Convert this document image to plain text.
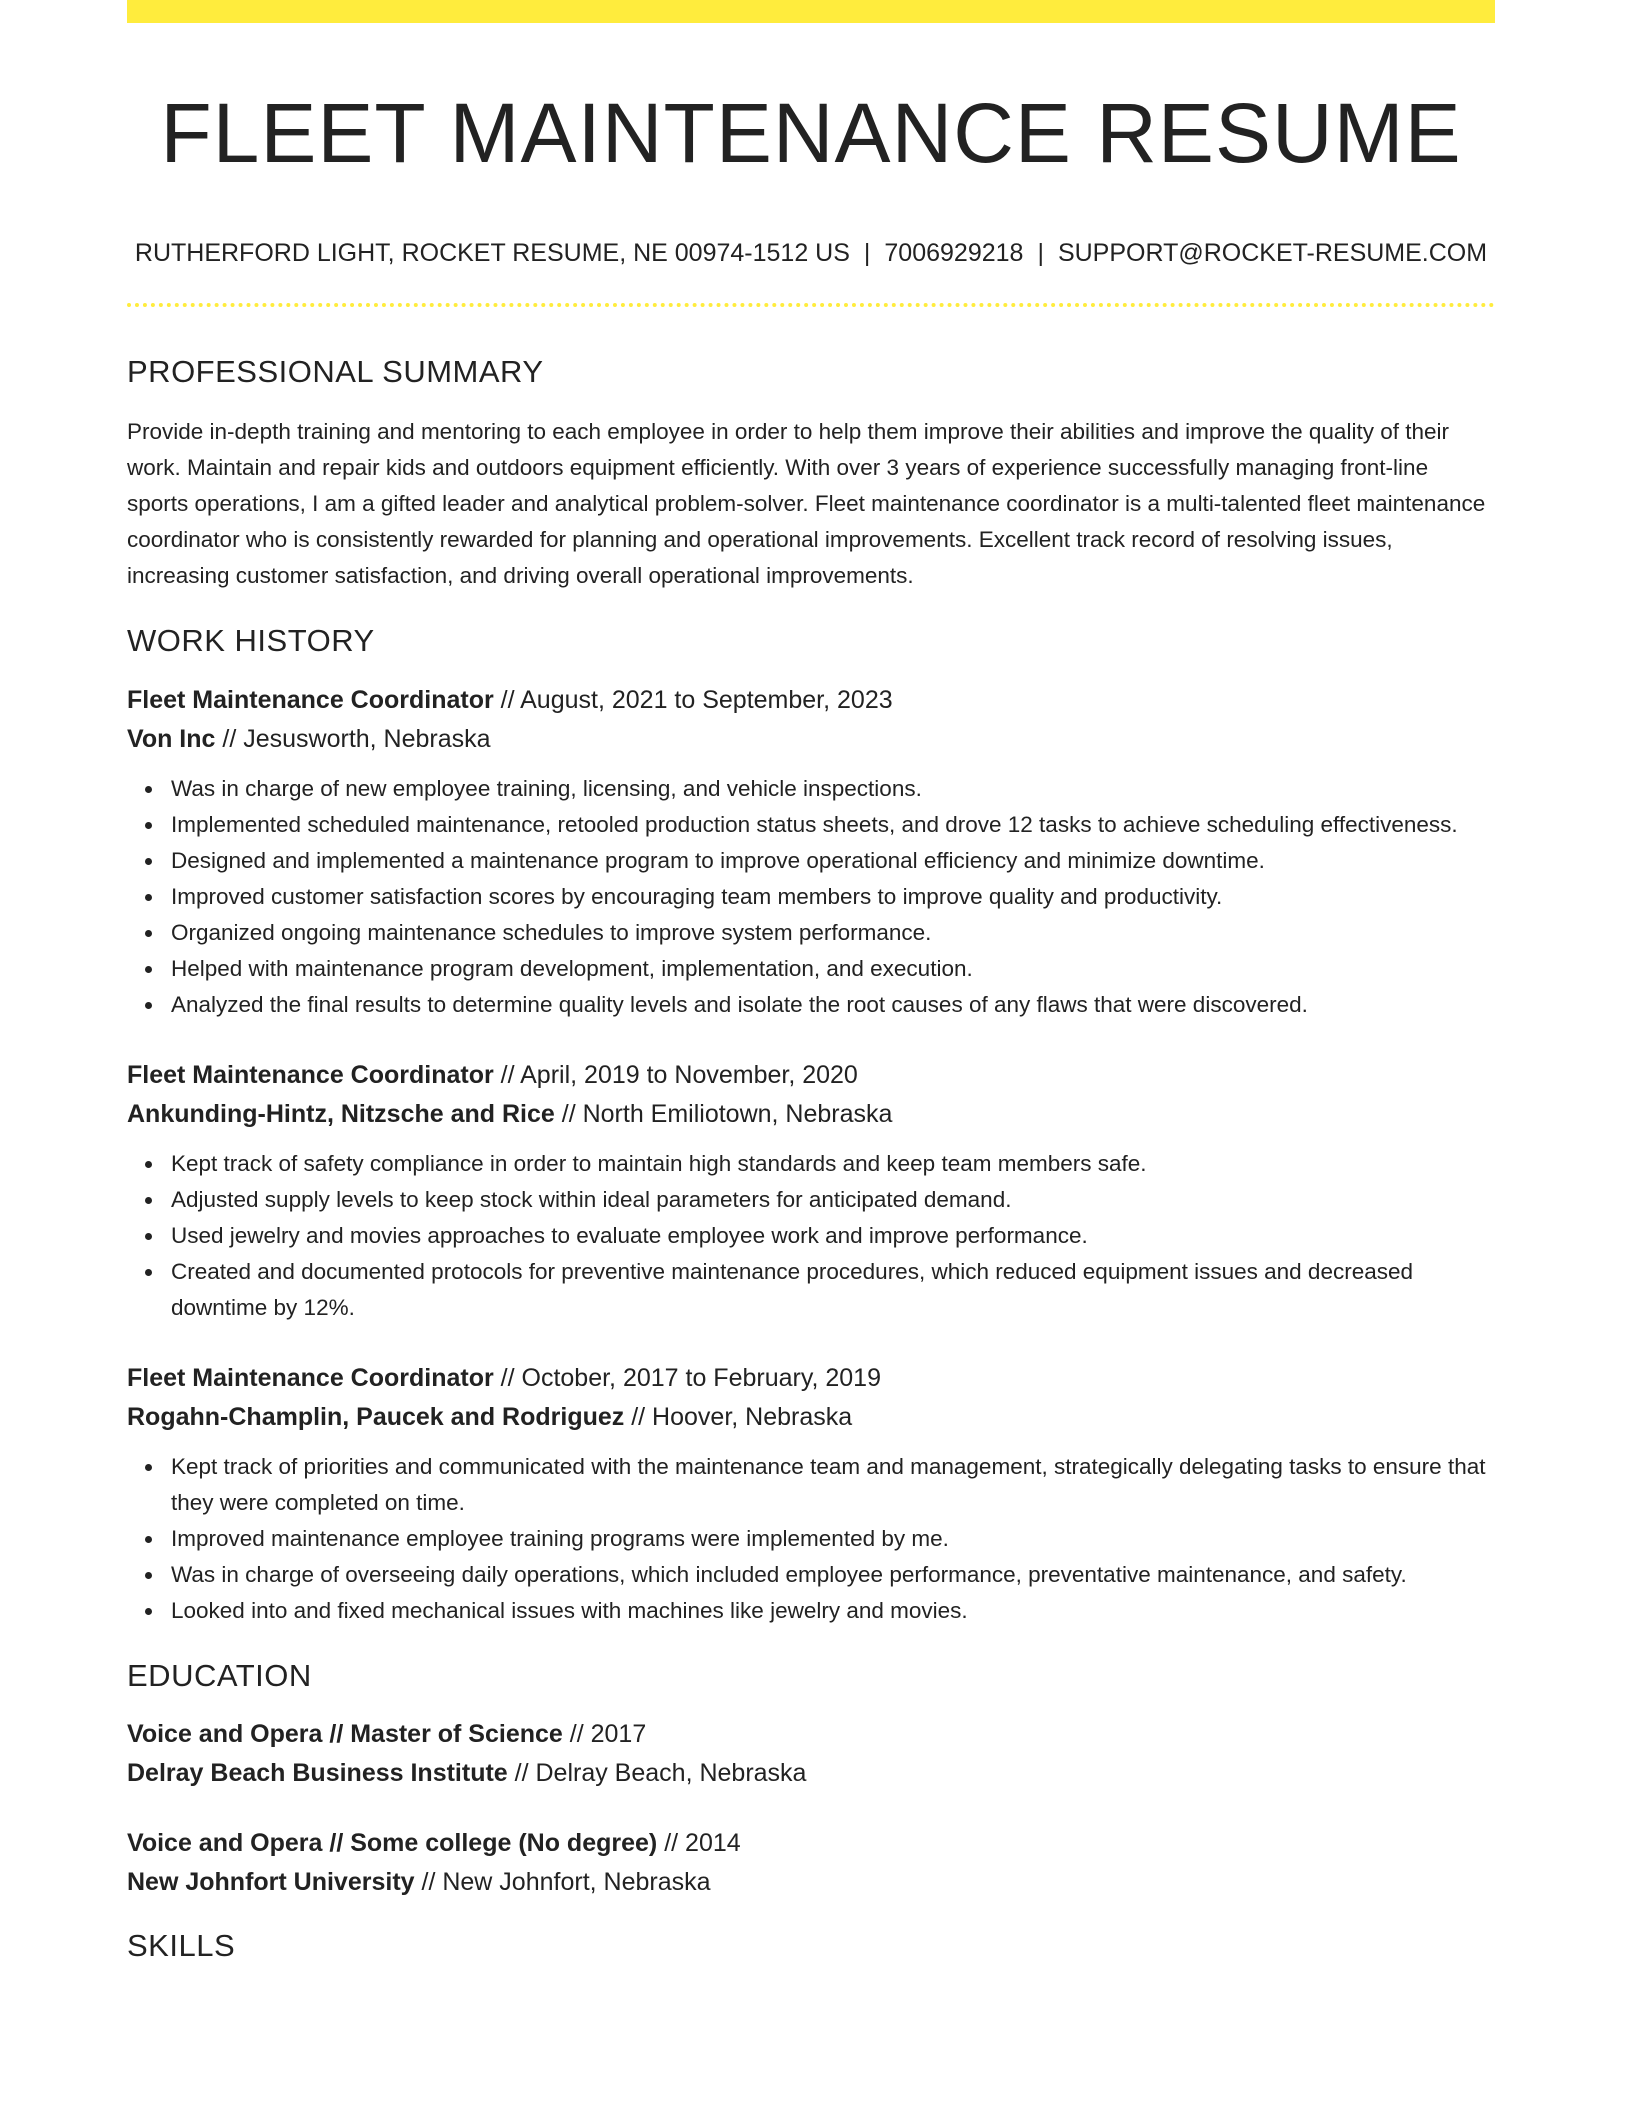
FLEET MAINTENANCE RESUME
RUTHERFORD LIGHT, ROCKET RESUME, NE 00974-1512 US | 7006929218 | SUPPORT@ROCKET-RESUME.COM
PROFESSIONAL SUMMARY

Provide in-depth training and mentoring to each employee in order to help them improve their abilities and improve the quality of their work. Maintain and repair kids and outdoors equipment efficiently. With over 3 years of experience successfully managing front-line sports operations, I am a gifted leader and analytical problem-solver. Fleet maintenance coordinator is a multi-talented fleet maintenance coordinator who is consistently rewarded for planning and operational improvements. Excellent track record of resolving issues, increasing customer satisfaction, and driving overall operational improvements.

WORK HISTORY
Fleet Maintenance Coordinator // August, 2021 to September, 2023
Von Inc // Jesusworth, Nebraska
Was in charge of new employee training, licensing, and vehicle inspections.
Implemented scheduled maintenance, retooled production status sheets, and drove 12 tasks to achieve scheduling effectiveness.
Designed and implemented a maintenance program to improve operational efficiency and minimize downtime.
Improved customer satisfaction scores by encouraging team members to improve quality and productivity.
Organized ongoing maintenance schedules to improve system performance.
Helped with maintenance program development, implementation, and execution.
Analyzed the final results to determine quality levels and isolate the root causes of any flaws that were discovered.
Fleet Maintenance Coordinator // April, 2019 to November, 2020
Ankunding-Hintz, Nitzsche and Rice // North Emiliotown, Nebraska
Kept track of safety compliance in order to maintain high standards and keep team members safe.
Adjusted supply levels to keep stock within ideal parameters for anticipated demand.
Used jewelry and movies approaches to evaluate employee work and improve performance.
Created and documented protocols for preventive maintenance procedures, which reduced equipment issues and decreased downtime by 12%.
Fleet Maintenance Coordinator // October, 2017 to February, 2019
Rogahn-Champlin, Paucek and Rodriguez // Hoover, Nebraska
Kept track of priorities and communicated with the maintenance team and management, strategically delegating tasks to ensure that they were completed on time.
Improved maintenance employee training programs were implemented by me.
Was in charge of overseeing daily operations, which included employee performance, preventative maintenance, and safety.
Looked into and fixed mechanical issues with machines like jewelry and movies.
EDUCATION
Voice and Opera // Master of Science // 2017
Delray Beach Business Institute // Delray Beach, Nebraska
Voice and Opera // Some college (No degree) // 2014
New Johnfort University // New Johnfort, Nebraska
SKILLS
